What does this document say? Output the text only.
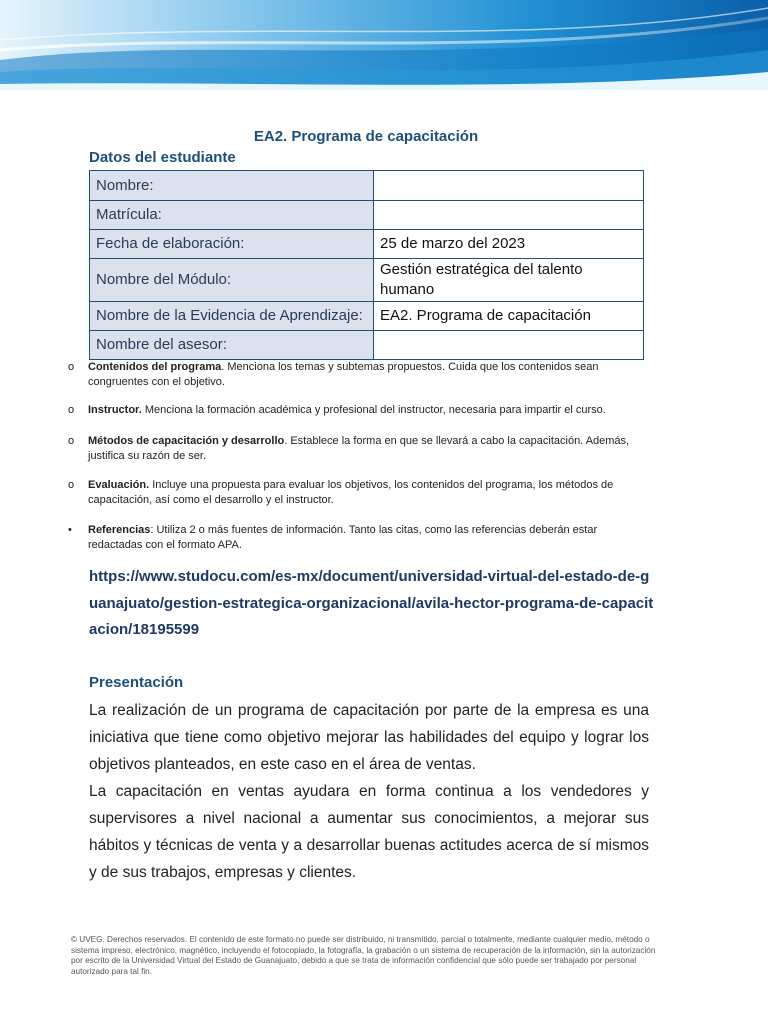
EA2. Programa de capacitación
Datos del estudiante
Nombre:	
Matrícula:	
Fecha de elaboración:	25 de marzo del 2023
Nombre del Módulo:	Gestión estratégica del talento humano
Nombre de la Evidencia de Aprendizaje:	EA2. Programa de capacitación
Nombre del asesor:	
o	Contenidos del programa. Menciona los temas y subtemas propuestos. Cuida que los contenidos sean congruentes con el objetivo.
o	Instructor. Menciona la formación académica y profesional del instructor, necesaria para impartir el curso.
o	Métodos de capacitación y desarrollo. Establece la forma en que se llevará a cabo la capacitación. Además, justifica su razón de ser.
o	Evaluación. Incluye una propuesta para evaluar los objetivos, los contenidos del programa, los métodos de capacitación, así como el desarrollo y el instructor.
•	Referencias: Utiliza 2 o más fuentes de información. Tanto las citas, como las referencias deberán estar redactadas con el formato APA.
https://www.studocu.com/es-mx/document/universidad-virtual-del-estado-de-guanajuato/gestion-estrategica-organizacional/avila-hector-programa-de-capacitacion/18195599
Presentación
La realización de un programa de capacitación por parte de la empresa es una iniciativa que tiene como objetivo mejorar las habilidades del equipo y lograr los objetivos planteados, en este caso en el área de ventas.
La capacitación en ventas ayudara en forma continua a los vendedores y supervisores a nivel nacional a aumentar sus conocimientos, a mejorar sus hábitos y técnicas de venta y a desarrollar buenas actitudes acerca de sí mismos y de sus trabajos, empresas y clientes.
© UVEG. Derechos reservados. El contenido de este formato no puede ser distribuido, ni transmitido, parcial o totalmente, mediante cualquier medio, método o sistema impreso, electrónico, magnético, incluyendo el fotocopiado, la fotografía, la grabación o un sistema de recuperación de la información, sin la autorización por escrito de la Universidad Virtual del Estado de Guanajuato, debido a que se trata de información confidencial que sólo puede ser trabajado por personal autorizado para tal fin.
